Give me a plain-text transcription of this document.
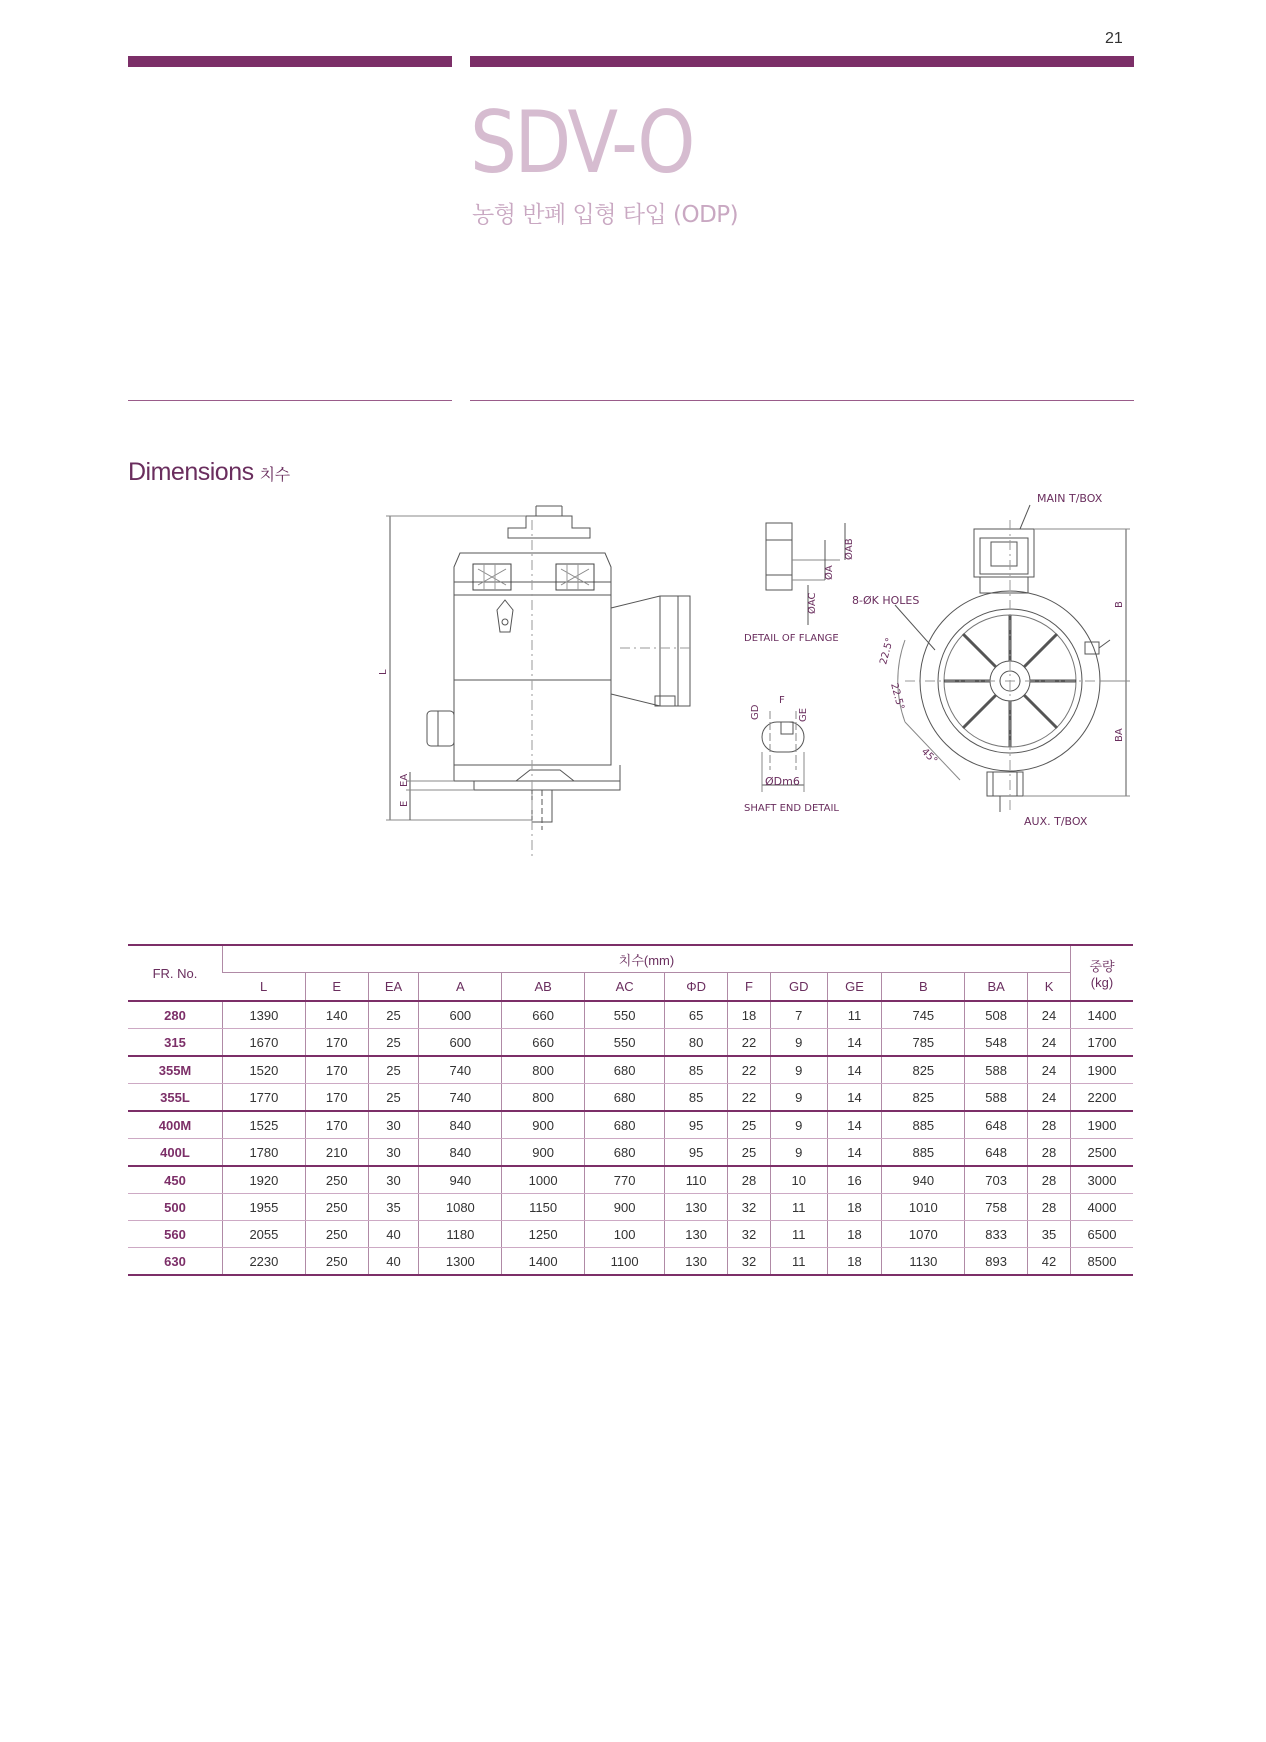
21
SDV-O
농형 반폐 입형 타입 (ODP)
Dimensions 치수
L
E
EA
ØAB
ØA
ØAC
DETAIL OF FLANGE
GD
F
GE
ØDm6
SHAFT END DETAIL
MAIN T/BOX
8-ØK HOLES
22.5°
22.5°
45°
B
BA
AUX. T/BOX
FR. No.	치수(mm)													중량
(kg)
	L	E	EA	A	AB	AC	ΦD	F	GD	GE	B	BA	K	
280	1390	140	25	600	660	550	65	18	7	11	745	508	24	1400
315	1670	170	25	600	660	550	80	22	9	14	785	548	24	1700
355M	1520	170	25	740	800	680	85	22	9	14	825	588	24	1900
355L	1770	170	25	740	800	680	85	22	9	14	825	588	24	2200
400M	1525	170	30	840	900	680	95	25	9	14	885	648	28	1900
400L	1780	210	30	840	900	680	95	25	9	14	885	648	28	2500
450	1920	250	30	940	1000	770	110	28	10	16	940	703	28	3000
500	1955	250	35	1080	1150	900	130	32	11	18	1010	758	28	4000
560	2055	250	40	1180	1250	100	130	32	11	18	1070	833	35	6500
630	2230	250	40	1300	1400	1100	130	32	11	18	1130	893	42	8500
